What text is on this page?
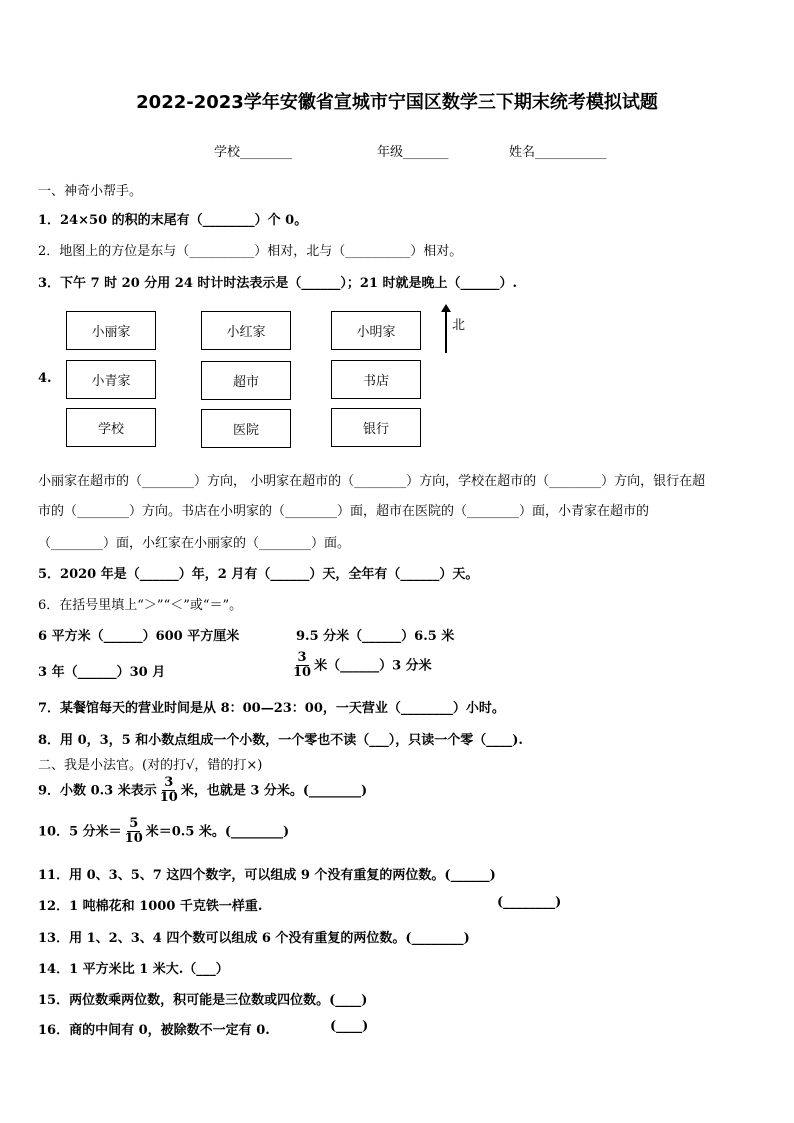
2022-2023学年安徽省宣城市宁国区数学三下期末统考模拟试题
学校________	年级_______	姓名___________
一、神奇小帮手。
1．24×50 的积的末尾有（________）个 0。
2．地图上的方位是东与（__________）相对，北与（__________）相对。
3．下午 7 时 20 分用 24 时计时法表示是（______）；21 时就是晚上（______）.
4.
小丽家	小红家	小明家
小青家	超市	书店
学校	医院	银行
北
小丽家在超市的（________）方向， 小明家在超市的（________）方向，学校在超市的（________）方向，银行在超
市的（________）方向。书店在小明家的（________）面，超市在医院的（________）面，小青家在超市的
（________）面，小红家在小丽家的（________）面。
5．2020 年是（______）年，2 月有（______）天，全年有（______）天。
6．在括号里填上“＞”“＜”或“＝”。
6 平方米（______）600 平方厘米	9.5 分米（______）6.5 米
3 年（______）30 月	$\frac{3}{10}$ 米（______）3 分米
7．某餐馆每天的营业时间是从 8：00—23：00，一天营业（________）小时。
8．用 0，3，5 和小数点组成一个小数，一个零也不读（___），只读一个零（____).
二、我是小法官。(对的打√，错的打×)
9．小数 0.3 米表示 $\frac{3}{10}$ 米，也就是 3 分米。(________)
10．5 分米＝ $\frac{5}{10}$ 米＝0.5 米。(________)
11．用 0、3、5、7 这四个数字，可以组成 9 个没有重复的两位数。(______)
12．1 吨棉花和 1000 千克铁一样重.	(________)
13．用 1、2、3、4 四个数可以组成 6 个没有重复的两位数。(________)
14．1 平方米比 1 米大.（___）
15．两位数乘两位数，积可能是三位数或四位数。(____)
16．商的中间有 0，被除数不一定有 0.	(____)
